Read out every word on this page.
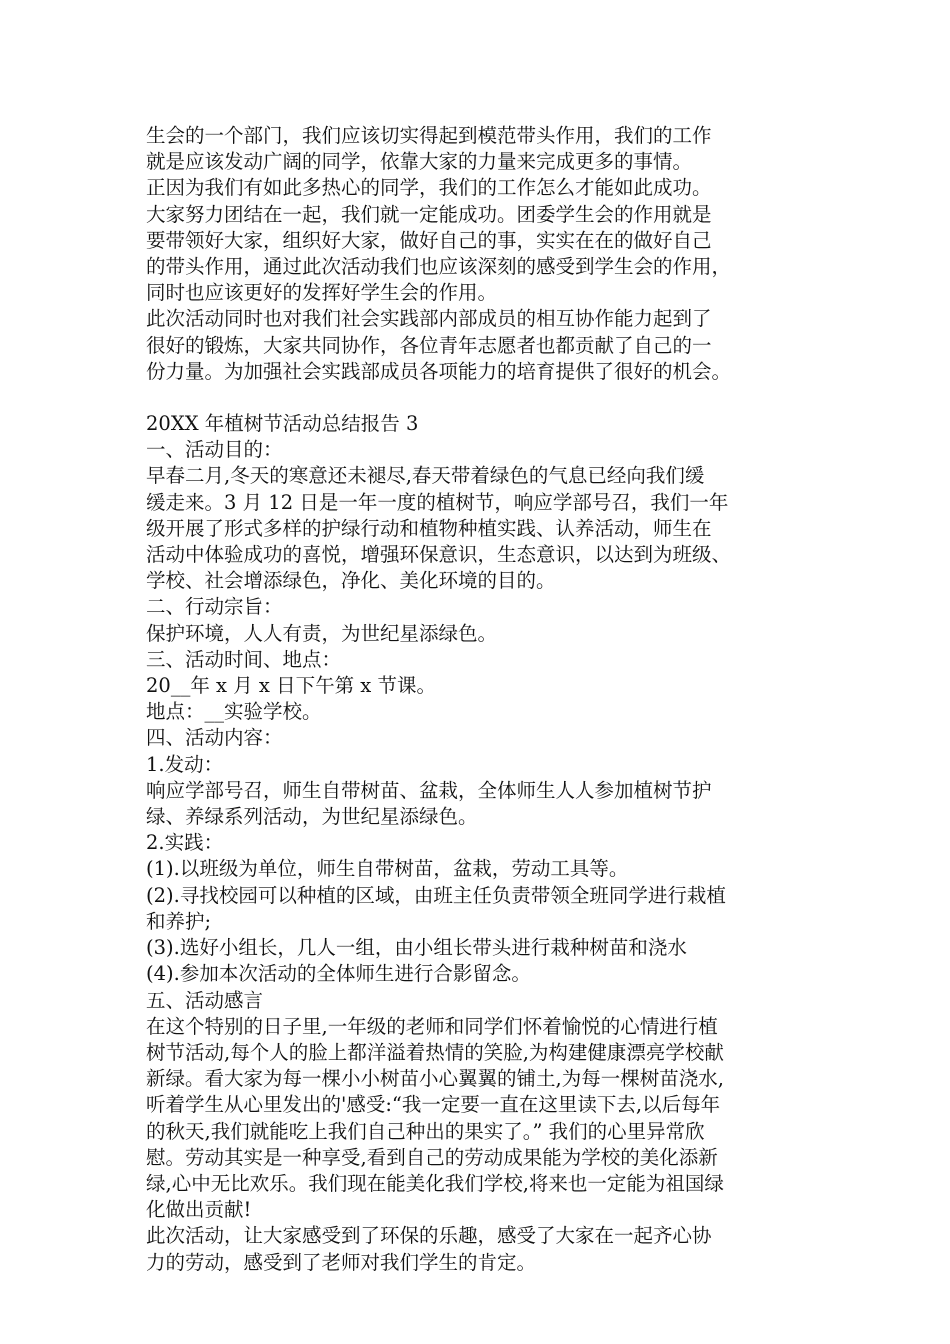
生会的一个部门，我们应该切实得起到模范带头作用，我们的工作

就是应该发动广阔的同学，依靠大家的力量来完成更多的事情。

正因为我们有如此多热心的同学，我们的工作怎么才能如此成功。

大家努力团结在一起，我们就一定能成功。团委学生会的作用就是

要带领好大家，组织好大家，做好自己的事，实实在在的做好自己

的带头作用，通过此次活动我们也应该深刻的感受到学生会的作用，

同时也应该更好的发挥好学生会的作用。

此次活动同时也对我们社会实践部内部成员的相互协作能力起到了

很好的锻炼，大家共同协作，各位青年志愿者也都贡献了自己的一

份力量。为加强社会实践部成员各项能力的培育提供了很好的机会。

20XX 年植树节活动总结报告 3

一、活动目的：

早春二月,冬天的寒意还未褪尽,春天带着绿色的气息已经向我们缓

缓走来。3 月 12 日是一年一度的植树节，响应学部号召，我们一年

级开展了形式多样的护绿行动和植物种植实践、认养活动，师生在

活动中体验成功的喜悦，增强环保意识，生态意识，以达到为班级、

学校、社会增添绿色，净化、美化环境的目的。

二、行动宗旨：

保护环境，人人有责，为世纪星添绿色。

三、活动时间、地点：

20__年 x 月 x 日下午第 x 节课。

地点：__实验学校。

四、活动内容：

1.发动：

响应学部号召，师生自带树苗、盆栽，全体师生人人参加植树节护

绿、养绿系列活动，为世纪星添绿色。

2.实践：

(1).以班级为单位，师生自带树苗，盆栽，劳动工具等。

(2).寻找校园可以种植的区域，由班主任负责带领全班同学进行栽植

和养护;

(3).选好小组长，几人一组，由小组长带头进行栽种树苗和浇水

(4).参加本次活动的全体师生进行合影留念。

五、活动感言

在这个特别的日子里,一年级的老师和同学们怀着愉悦的心情进行植

树节活动,每个人的脸上都洋溢着热情的笑脸,为构建健康漂亮学校献

新绿。看大家为每一棵小小树苗小心翼翼的铺土,为每一棵树苗浇水,

听着学生从心里发出的'感受:“我一定要一直在这里读下去,以后每年

的秋天,我们就能吃上我们自己种出的果实了。” 我们的心里异常欣

慰。劳动其实是一种享受,看到自己的劳动成果能为学校的美化添新

绿,心中无比欢乐。我们现在能美化我们学校,将来也一定能为祖国绿

化做出贡献!

此次活动，让大家感受到了环保的乐趣，感受了大家在一起齐心协

力的劳动，感受到了老师对我们学生的肯定。
